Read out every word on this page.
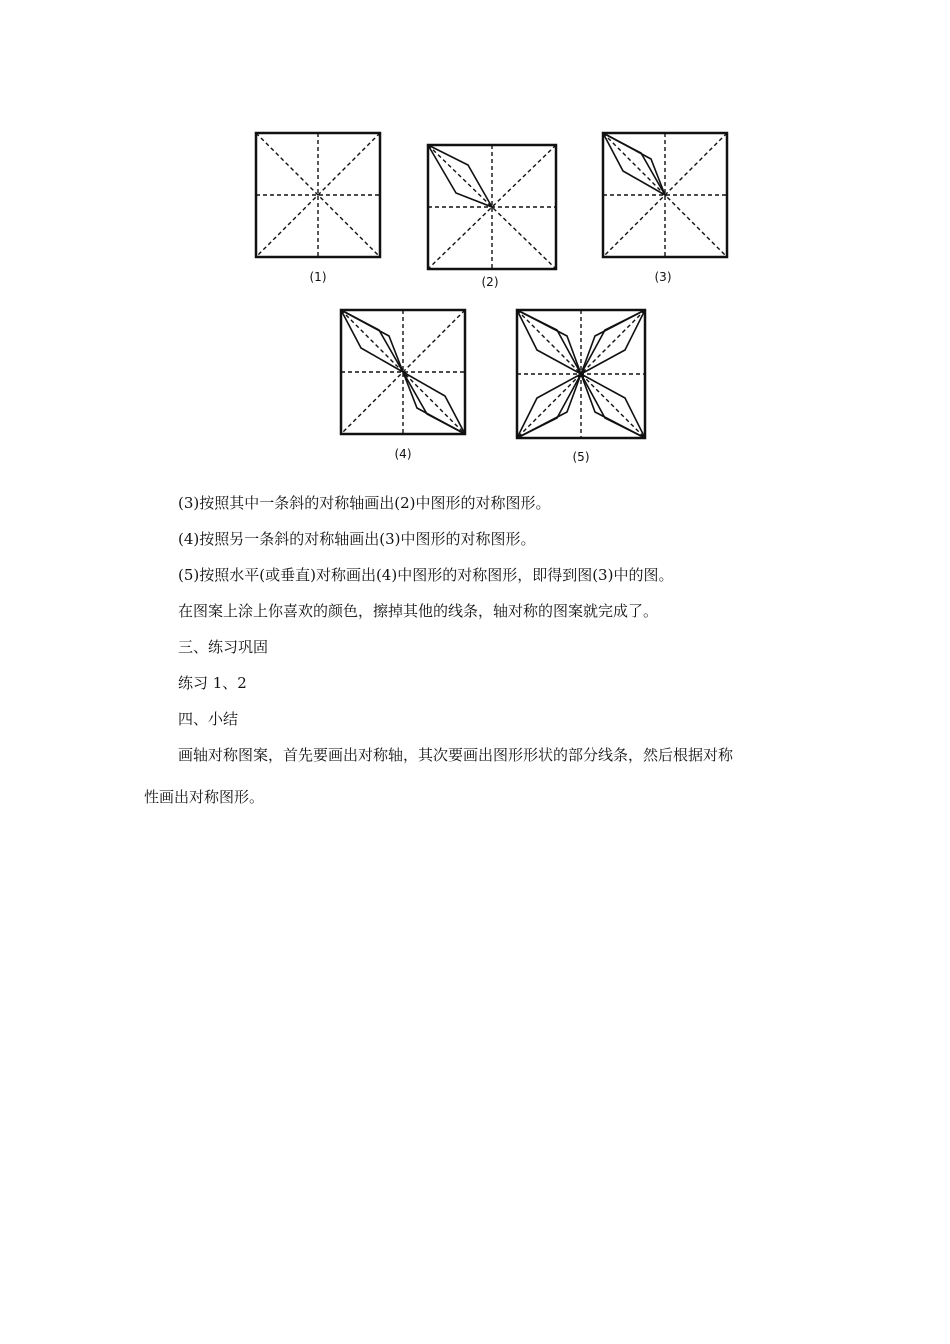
(1)	(2)	(3)
(4)	(5)
(3)按照其中一条斜的对称轴画出(2)中图形的对称图形。
(4)按照另一条斜的对称轴画出(3)中图形的对称图形。
(5)按照水平(或垂直)对称画出(4)中图形的对称图形，即得到图(3)中的图。
在图案上涂上你喜欢的颜色，擦掉其他的线条，轴对称的图案就完成了。
三、练习巩固
练习 1、2
四、小结
画轴对称图案，首先要画出对称轴，其次要画出图形形状的部分线条，然后根据对称
性画出对称图形。
